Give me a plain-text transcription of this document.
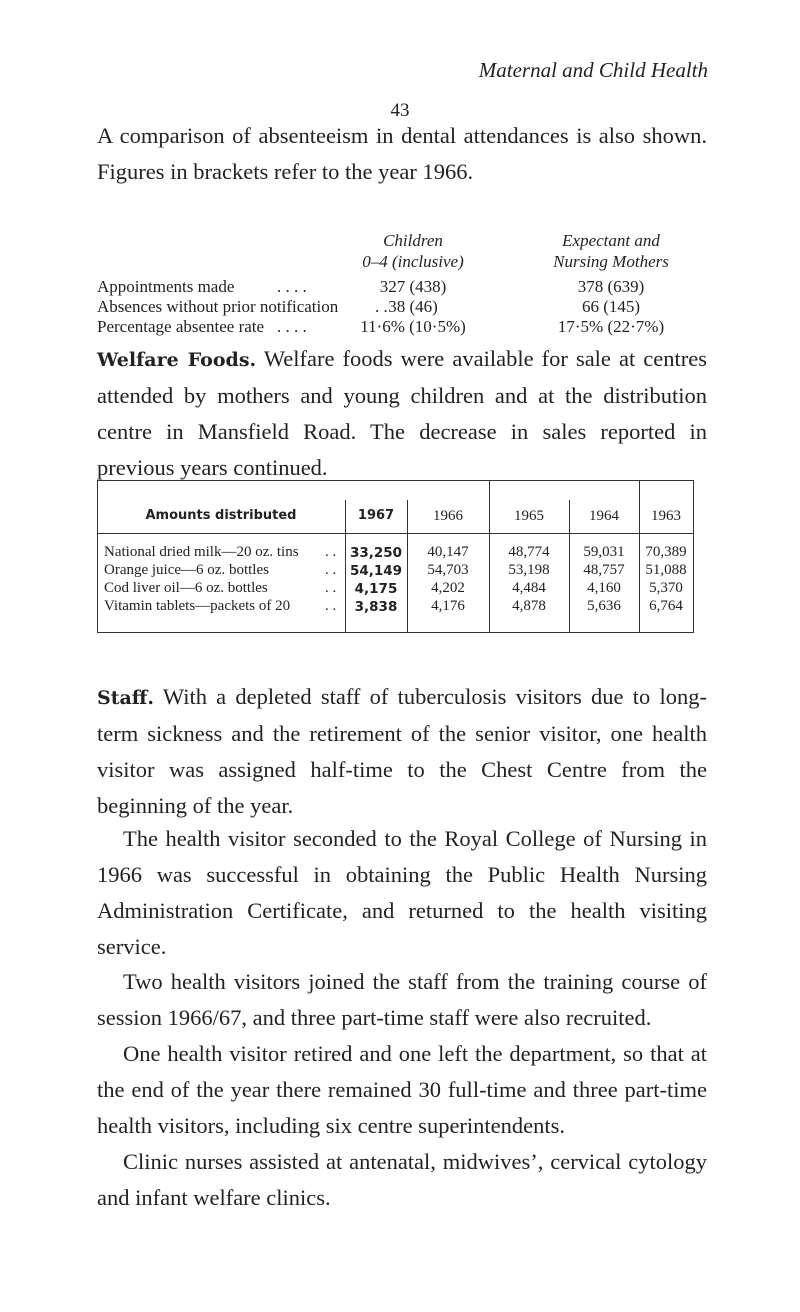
Maternal and Child Health
43

A comparison of absenteeism in dental attendances is also shown. Figures in brackets refer to the year 1966.

Children
0–4 (inclusive)
Expectant and
Nursing Mothers
Appointments made	. . . .	327 (438)	378 (639)
Absences without prior notification . . 38 (46)	66 (145)
Percentage absentee rate . . . .	11·6% (10·5%)	17·5% (22·7%)

Welfare Foods. Welfare foods were available for sale at centres attended by mothers and young children and at the distribution centre in Mansfield Road. The decrease in sales reported in previous years continued.

Amounts distributed	1967	1966	1965	1964	1963
National dried milk—20 oz. tins . .	33,250	40,147	48,774	59,031	70,389
Orange juice—6 oz. bottles	. .	54,149	54,703	53,198	48,757	51,088
Cod liver oil—6 oz. bottles	. .	4,175	4,202	4,484	4,160	5,370
Vitamin tablets—packets of 20 . .	3,838	4,176	4,878	5,636	6,764

Staff. With a depleted staff of tuberculosis visitors due to long-term sickness and the retirement of the senior visitor, one health visitor was assigned half-time to the Chest Centre from the beginning of the year.

The health visitor seconded to the Royal College of Nursing in 1966 was successful in obtaining the Public Health Nursing Administration Certificate, and returned to the health visiting service.

Two health visitors joined the staff from the training course of session 1966/67, and three part-time staff were also recruited.

One health visitor retired and one left the department, so that at the end of the year there remained 30 full-time and three part-time health visitors, including six centre superintendents.

Clinic nurses assisted at antenatal, midwives’, cervical cytology and infant welfare clinics.
